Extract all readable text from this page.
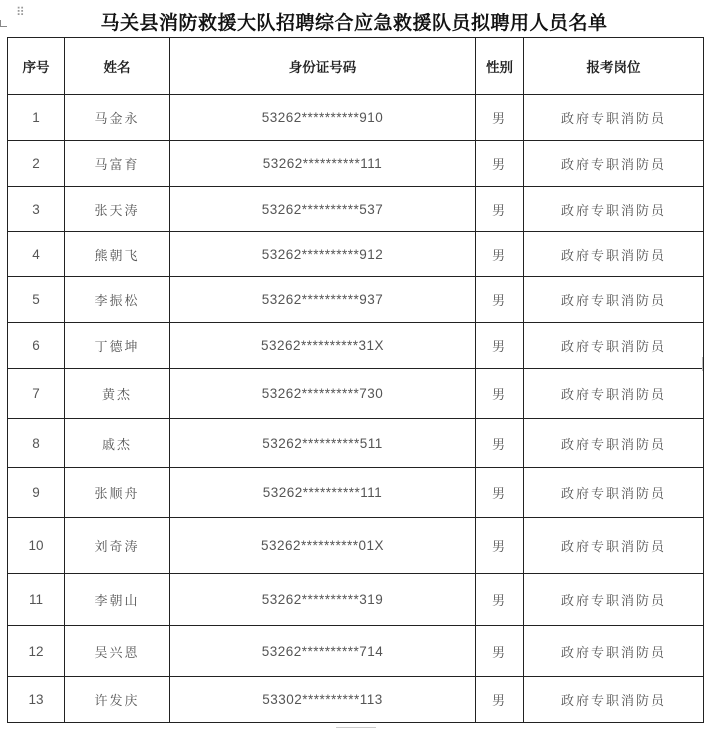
⠿	马关县消防救援大队招聘综合应急救援队员拟聘用人员名单
序号	姓名	身份证号码	性别	报考岗位
1	马金永	53262**********910	男	政府专职消防员
2	马富育	53262**********111	男	政府专职消防员
3	张天涛	53262**********537	男	政府专职消防员
4	熊朝飞	53262**********912	男	政府专职消防员
5	李振松	53262**********937	男	政府专职消防员
6	丁德坤	53262**********31X	男	政府专职消防员
7	黄杰	53262**********730	男	政府专职消防员
8	戚杰	53262**********511	男	政府专职消防员
9	张顺舟	53262**********111	男	政府专职消防员
10	刘奇涛	53262**********01X	男	政府专职消防员
11	李朝山	53262**********319	男	政府专职消防员
12	吴兴恩	53262**********714	男	政府专职消防员
13	许发庆	53302**********113	男	政府专职消防员
